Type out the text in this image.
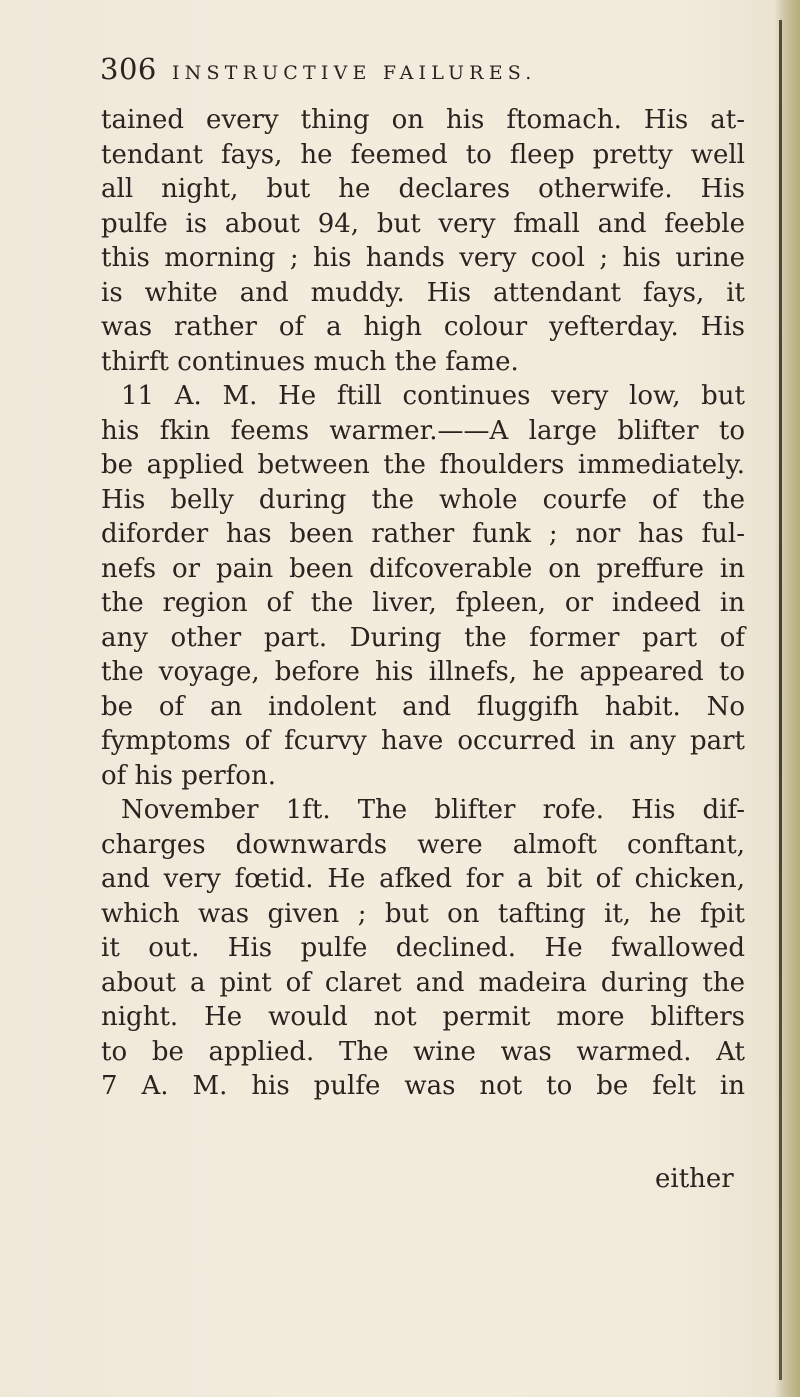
306 INSTRUCTIVE FAILURES.
tained every thing on his ftomach. His at-
tendant fays, he feemed to fleep pretty well
all night, but he declares otherwife. His
pulfe is about 94, but very fmall and feeble
this morning ; his hands very cool ; his urine
is white and muddy. His attendant fays, it
was rather of a high colour yefterday. His
thirft continues much the fame.
11 A. M. He ftill continues very low, but
his fkin feems warmer.——A large blifter to
be applied between the fhoulders immediately.
His belly during the whole courfe of the
diforder has been rather funk ; nor has ful-
nefs or pain been difcoverable on preffure in
the region of the liver, fpleen, or indeed in
any other part. During the former part of
the voyage, before his illnefs, he appeared to
be of an indolent and fluggifh habit. No
fymptoms of fcurvy have occurred in any part
of his perfon.
November 1ft. The blifter rofe. His dif-
charges downwards were almoft conftant,
and very fœtid. He afked for a bit of chicken,
which was given ; but on tafting it, he fpit
it out. His pulfe declined. He fwallowed
about a pint of claret and madeira during the
night. He would not permit more blifters
to be applied. The wine was warmed. At
7 A. M. his pulfe was not to be felt in
either
